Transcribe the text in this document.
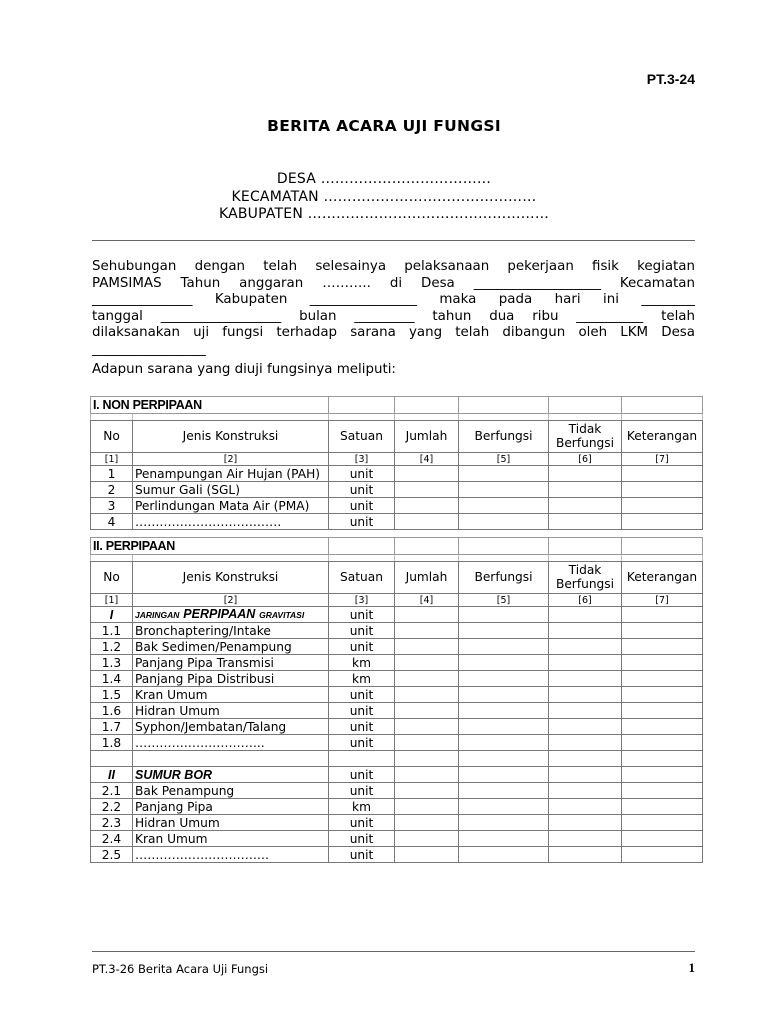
PT.3-24
BERITA ACARA UJI FUNGSI
DESA ………………………………
KECAMATAN ………………………………………
KABUPATEN ……………………………………………
Sehubungan dengan telah selesainya pelaksanaan pekerjaan fisik kegiatan
PAMSIMAS Tahun anggaran ……….. di Desa ___________________ Kecamatan
_______________ Kabupaten ________________ maka pada hari ini ________
tanggal __________________ bulan _________ tahun dua ribu __________ telah
dilaksanakan uji fungsi terhadap sarana yang telah dibangun oleh LKM Desa
_________________
Adapun sarana yang diuji fungsinya meliputi:
I. NON PERPIPAAN						

No	Jenis Konstruksi	Satuan	Jumlah	Berfungsi	Tidak Berfungsi	Keterangan
[1]	[2]	[3]	[4]	[5]	[6]	[7]
1	Penampungan Air Hujan (PAH)	unit				
2	Sumur Gali (SGL)	unit				
3	Perlindungan Mata Air (PMA)	unit				
4	………………………………	unit				
II. PERPIPAAN						

No	Jenis Konstruksi	Satuan	Jumlah	Berfungsi	Tidak Berfungsi	Keterangan
[1]	[2]	[3]	[4]	[5]	[6]	[7]
I	JARINGAN PERPIPAAN GRAVITASI	unit				
1.1	Bronchaptering/Intake	unit				
1.2	Bak Sedimen/Penampung	unit				
1.3	Panjang Pipa Transmisi	km				
1.4	Panjang Pipa Distribusi	km				
1.5	Kran Umum	unit				
1.6	Hidran Umum	unit				
1.7	Syphon/Jembatan/Talang	unit				
1.8	…………………………..	unit				

II	SUMUR BOR	unit				
2.1	Bak Penampung	unit				
2.2	Panjang Pipa	km				
2.3	Hidran Umum	unit				
2.4	Kran Umum	unit				
2.5	……………………………	unit				
PT.3-26 Berita Acara Uji Fungsi	1
